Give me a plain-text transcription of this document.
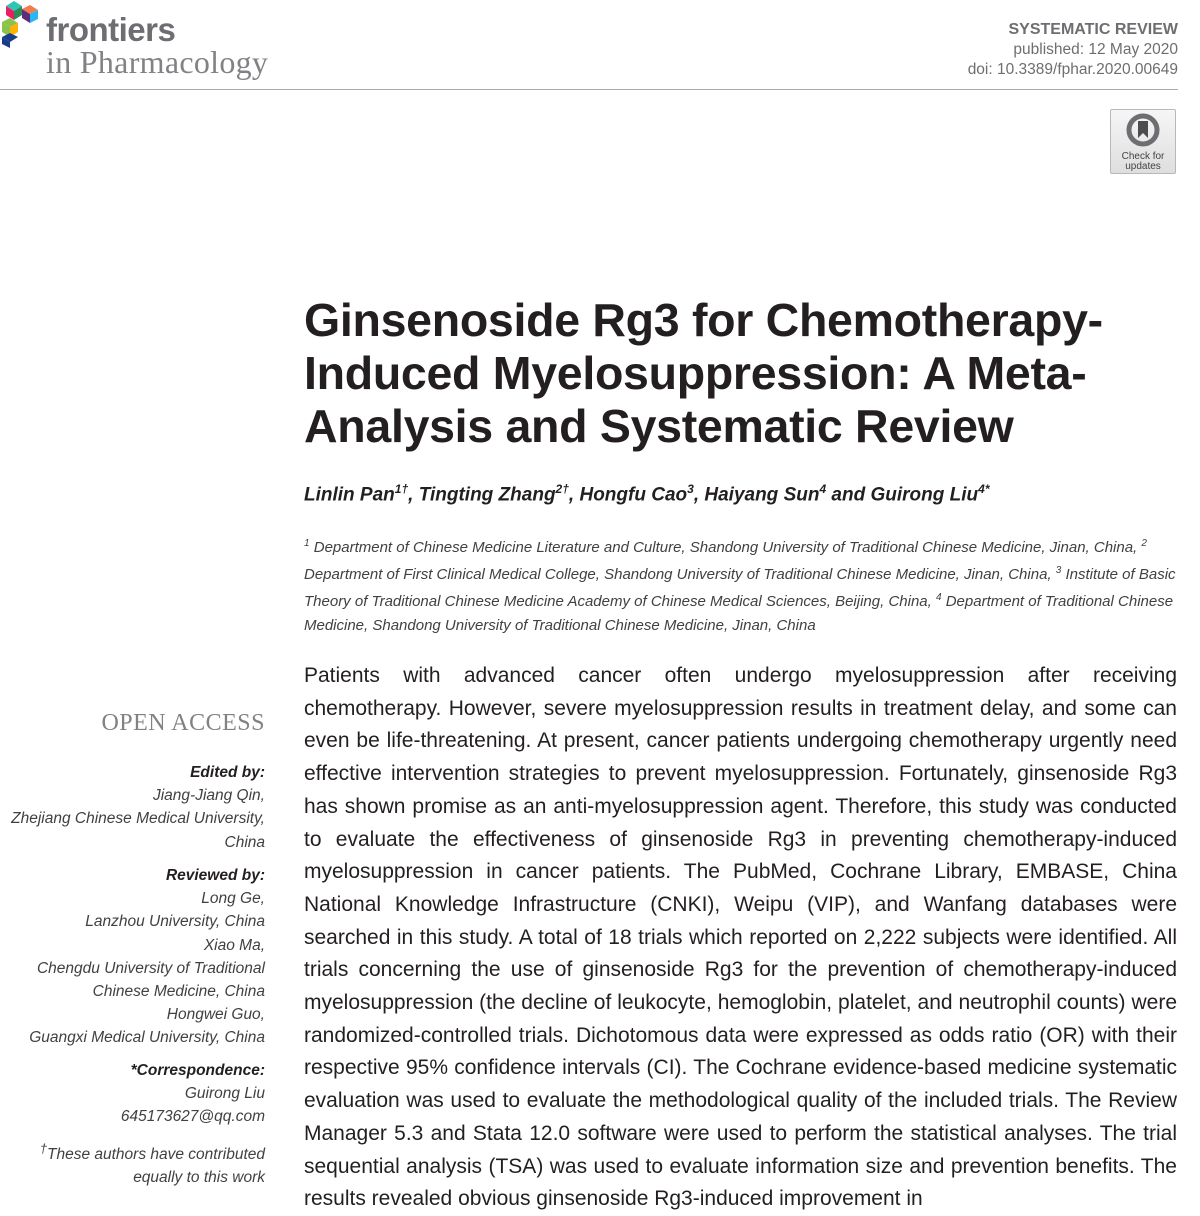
frontiers
in Pharmacology
SYSTEMATIC REVIEW
published: 12 May 2020
doi: 10.3389/fphar.2020.00649
Check for
updates
Ginsenoside Rg3 for Chemotherapy-Induced Myelosuppression: A Meta-Analysis and Systematic Review
Linlin Pan$^{1\dagger}$, Tingting Zhang$^{2\dagger}$, Hongfu Cao$^3$, Haiyang Sun$^4$ and Guirong Liu$^{4*}$
$^1$ Department of Chinese Medicine Literature and Culture, Shandong University of Traditional Chinese Medicine, Jinan, China, $^2$ Department of First Clinical Medical College, Shandong University of Traditional Chinese Medicine, Jinan, China, $^3$ Institute of Basic Theory of Traditional Chinese Medicine Academy of Chinese Medical Sciences, Beijing, China, $^4$ Department of Traditional Chinese Medicine, Shandong University of Traditional Chinese Medicine, Jinan, China
OPEN ACCESS
Edited by:
Jiang-Jiang Qin,
Zhejiang Chinese Medical University,
China
Reviewed by:
Long Ge,
Lanzhou University, China
Xiao Ma,
Chengdu University of Traditional
Chinese Medicine, China
Hongwei Guo,
Guangxi Medical University, China
*Correspondence:
Guirong Liu
645173627@qq.com
†These authors have contributed
equally to this work
Patients with advanced cancer often undergo myelosuppression after receiving chemotherapy. However, severe myelosuppression results in treatment delay, and some can even be life-threatening. At present, cancer patients undergoing chemotherapy urgently need effective intervention strategies to prevent myelosuppression. Fortunately, ginsenoside Rg3 has shown promise as an anti-myelosuppression agent. Therefore, this study was conducted to evaluate the effectiveness of ginsenoside Rg3 in preventing chemotherapy-induced myelosuppression in cancer patients. The PubMed, Cochrane Library, EMBASE, China National Knowledge Infrastructure (CNKI), Weipu (VIP), and Wanfang databases were searched in this study. A total of 18 trials which reported on 2,222 subjects were identified. All trials concerning the use of ginsenoside Rg3 for the prevention of chemotherapy-induced myelosuppression (the decline of leukocyte, hemoglobin, platelet, and neutrophil counts) were randomized-controlled trials. Dichotomous data were expressed as odds ratio (OR) with their respective 95% confidence intervals (CI). The Cochrane evidence-based medicine systematic evaluation was used to evaluate the methodological quality of the included trials. The Review Manager 5.3 and Stata 12.0 software were used to perform the statistical analyses. The trial sequential analysis (TSA) was used to evaluate information size and prevention benefits. The results revealed obvious ginsenoside Rg3-induced improvement in
